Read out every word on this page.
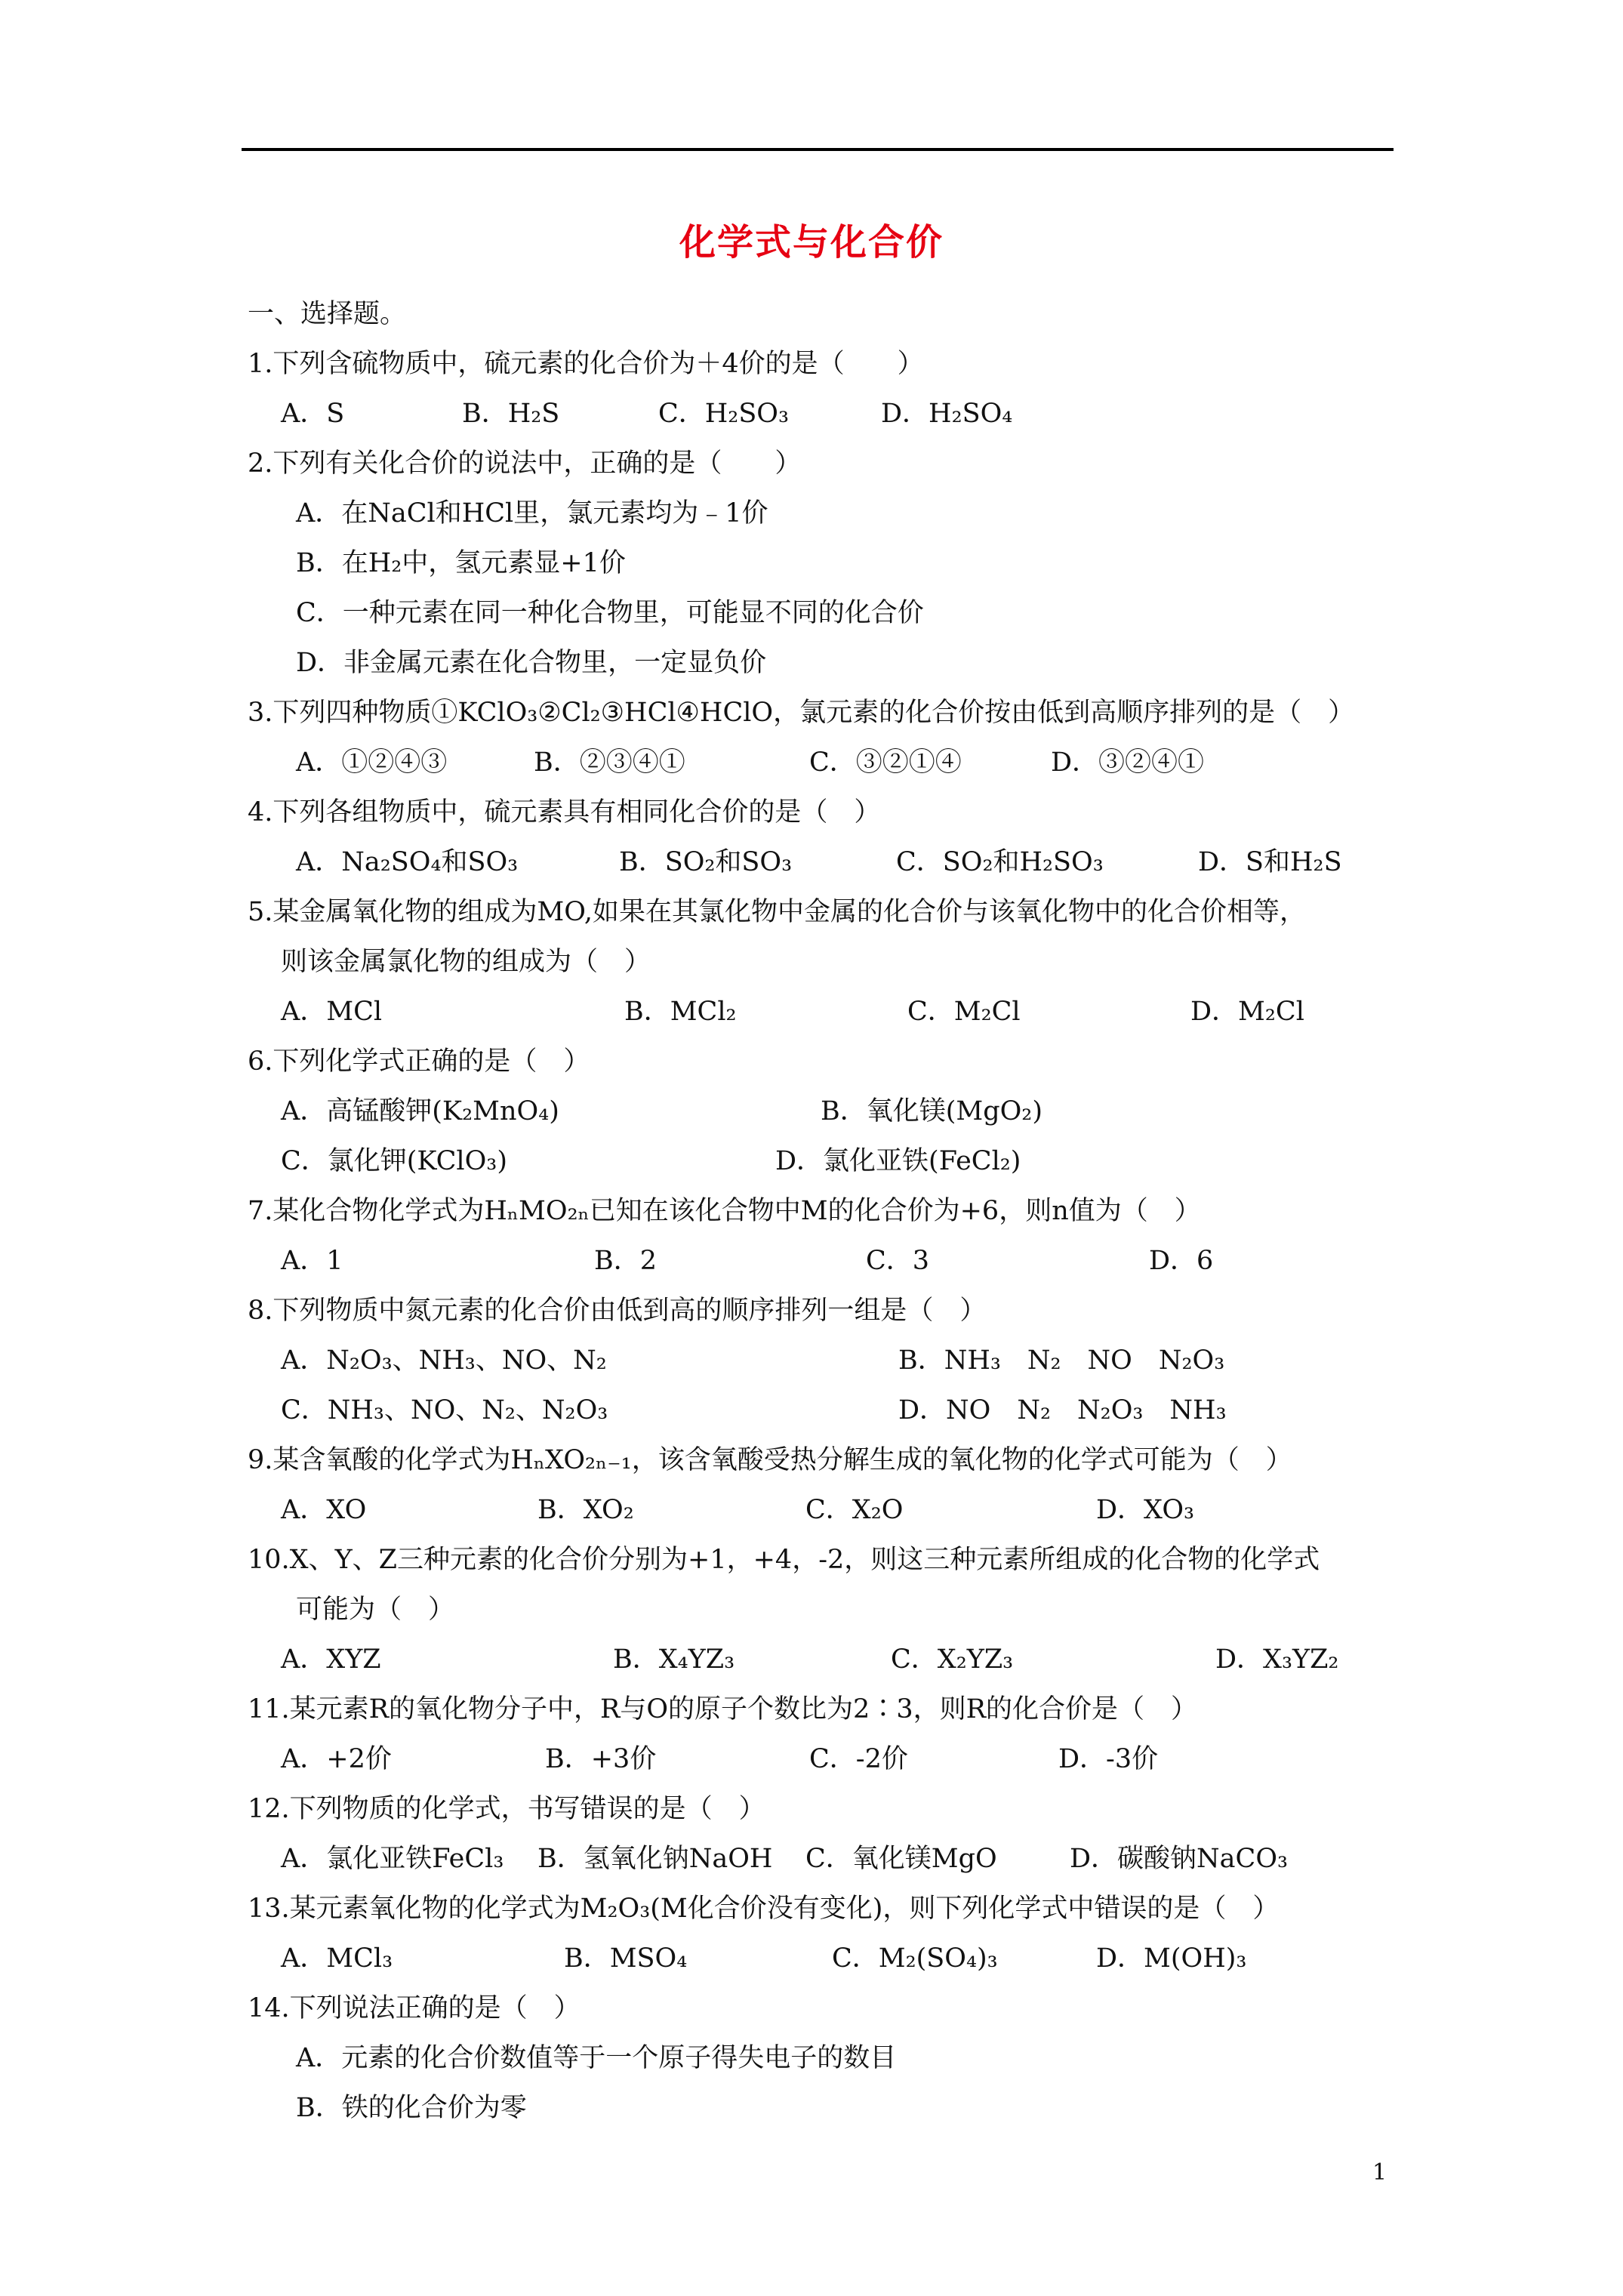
化学式与化合价
一、选择题。
1.下列含硫物质中，硫元素的化合价为＋4价的是（　　）
A．S	B．H₂S	C．H₂SO₃	D．H₂SO₄
2.下列有关化合价的说法中，正确的是（　　）
A．在NaCl和HCl里，氯元素均为﹣1价
B．在H₂中，氢元素显+1价
C．一种元素在同一种化合物里，可能显不同的化合价
D．非金属元素在化合物里，一定显负价
3.下列四种物质①KClO₃②Cl₂③HCl④HClO，氯元素的化合价按由低到高顺序排列的是（　）
A．①②④③	B．②③④①	C．③②①④	D．③②④①
4.下列各组物质中，硫元素具有相同化合价的是（　）
A．Na₂SO₄和SO₃	B．SO₂和SO₃	C．SO₂和H₂SO₃	D．S和H₂S
5.某金属氧化物的组成为MO,如果在其氯化物中金属的化合价与该氧化物中的化合价相等，
则该金属氯化物的组成为（　）
A．MCl	B．MCl₂	C．M₂Cl	D．M₂Cl
6.下列化学式正确的是（　）
A．高锰酸钾(K₂MnO₄)	B．氧化镁(MgO₂)
C．氯化钾(KClO₃)	D．氯化亚铁(FeCl₂)
7.某化合物化学式为HₙMO₂ₙ已知在该化合物中M的化合价为+6，则n值为（　）
A．1	B．2	C．3	D．6
8.下列物质中氮元素的化合价由低到高的顺序排列一组是（　）
A．N₂O₃、NH₃、NO、N₂	B．NH₃　N₂　NO　N₂O₃
C．NH₃、NO、N₂、N₂O₃	D．NO　N₂　N₂O₃　NH₃
9.某含氧酸的化学式为HₙXO₂ₙ₋₁，该含氧酸受热分解生成的氧化物的化学式可能为（　）
A．XO	B．XO₂	C．X₂O	D．XO₃
10.X、Y、Z三种元素的化合价分别为+1，+4，-2，则这三种元素所组成的化合物的化学式
可能为（　）
A．XYZ	B．X₄YZ₃	C．X₂YZ₃	D．X₃YZ₂
11.某元素R的氧化物分子中，R与O的原子个数比为2∶3，则R的化合价是（　）
A．+2价	B．+3价	C．-2价	D．-3价
12.下列物质的化学式，书写错误的是（　）
A．氯化亚铁FeCl₃ B．氢氧化钠NaOH C．氧化镁MgO	D．碳酸钠NaCO₃
13.某元素氧化物的化学式为M₂O₃(M化合价没有变化)，则下列化学式中错误的是（　）
A．MCl₃	B．MSO₄	C．M₂(SO₄)₃	D．M(OH)₃
14.下列说法正确的是（　）
A．元素的化合价数值等于一个原子得失电子的数目
B．铁的化合价为零
1
